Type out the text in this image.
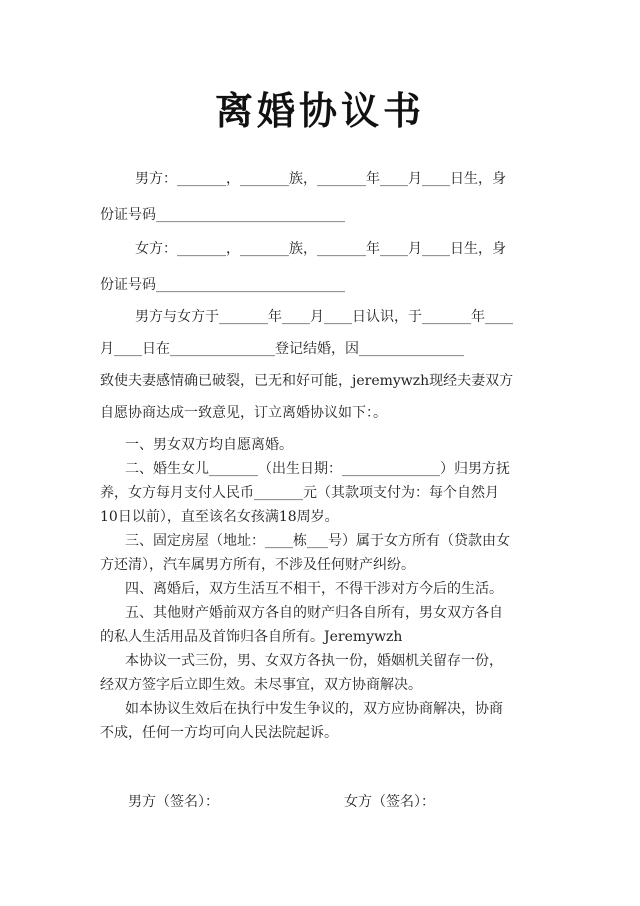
离婚协议书
男方：_______，_______族，_______年____月____日生，身
份证号码___________________________
女方：_______，_______族，_______年____月____日生，身
份证号码___________________________
男方与女方于_______年____月____日认识，于_______年____
月____日在_______________登记结婚，因_______________
致使夫妻感情确已破裂，已无和好可能，jeremywzh现经夫妻双方
自愿协商达成一致意见，订立离婚协议如下：。
一、男女双方均自愿离婚。
二、婚生女儿_______（出生日期：______________）归男方抚
养，女方每月支付人民币_______元（其款项支付为：每个自然月
10日以前），直至该名女孩满18周岁。
三、固定房屋（地址：____栋___号）属于女方所有（贷款由女
方还清），汽车属男方所有，不涉及任何财产纠纷。
四、离婚后，双方生活互不相干，不得干涉对方今后的生活。
五、其他财产婚前双方各自的财产归各自所有，男女双方各自
的私人生活用品及首饰归各自所有。Jeremywzh
本协议一式三份，男、女双方各执一份，婚姻机关留存一份，
经双方签字后立即生效。未尽事宜，双方协商解决。
如本协议生效后在执行中发生争议的，双方应协商解决，协商
不成，任何一方均可向人民法院起诉。
男方（签名）：	女方（签名）：
